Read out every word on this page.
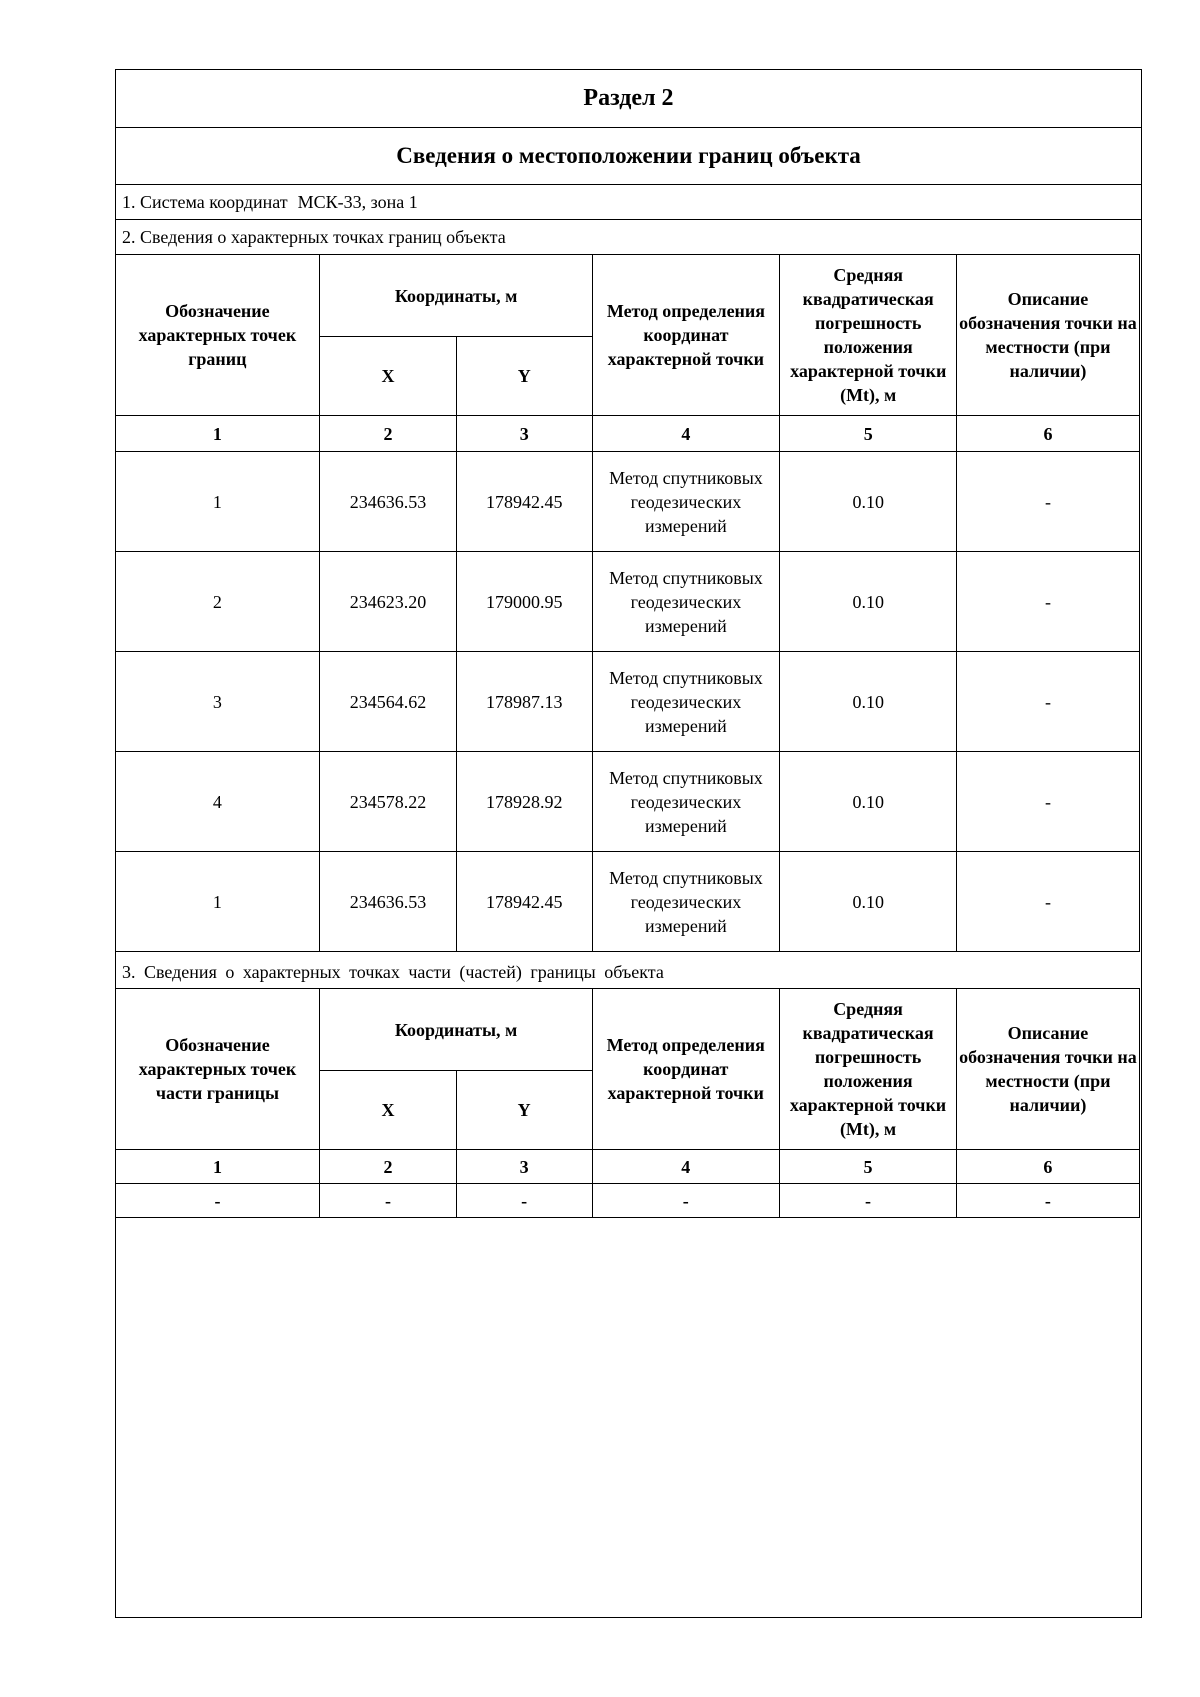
Раздел 2
Сведения о местоположении границ объекта
1. Система координат МСК-33, зона 1
2. Сведения о характерных точках границ объекта
Обозначение характерных точек границ	Координаты, м		Метод определения координат характерной точки	Средняя квадратическая погрешность положения характерной точки (Mt), м	Описание обозначения точки на местности (при наличии)
	X	Y			
1	2	3	4	5	6
1	234636.53	178942.45	Метод спутниковых геодезических измерений	0.10	-
2	234623.20	179000.95	Метод спутниковых геодезических измерений	0.10	-
3	234564.62	178987.13	Метод спутниковых геодезических измерений	0.10	-
4	234578.22	178928.92	Метод спутниковых геодезических измерений	0.10	-
1	234636.53	178942.45	Метод спутниковых геодезических измерений	0.10	-
3. Сведения о характерных точках части (частей) границы объекта
Обозначение характерных точек части границы	Координаты, м		Метод определения координат характерной точки	Средняя квадратическая погрешность положения характерной точки (Mt), м	Описание обозначения точки на местности (при наличии)
	X	Y			
1	2	3	4	5	6
-	-	-	-	-	-
